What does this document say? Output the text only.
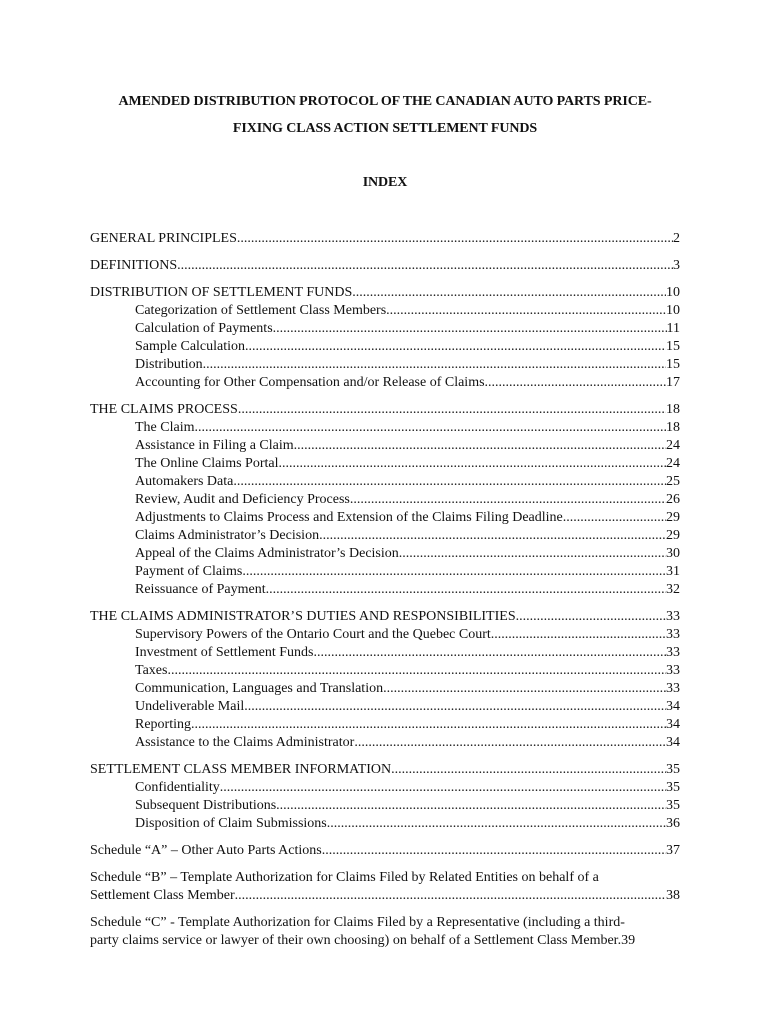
AMENDED DISTRIBUTION PROTOCOL OF THE CANADIAN AUTO PARTS PRICE-
FIXING CLASS ACTION SETTLEMENT FUNDS
INDEX
GENERAL PRINCIPLES .....	2
DEFINITIONS .....	3
DISTRIBUTION OF SETTLEMENT FUNDS .....	10
Categorization of Settlement Class Members .....	10
Calculation of Payments .....	11
Sample Calculation .....	15
Distribution .....	15
Accounting for Other Compensation and/or Release of Claims .....	17
THE CLAIMS PROCESS .....	18
The Claim .....	18
Assistance in Filing a Claim .....	24
The Online Claims Portal .....	24
Automakers Data .....	25
Review, Audit and Deficiency Process .....	26
Adjustments to Claims Process and Extension of the Claims Filing Deadline .....	29
Claims Administrator’s Decision .....	29
Appeal of the Claims Administrator’s Decision .....	30
Payment of Claims .....	31
Reissuance of Payment .....	32
THE CLAIMS ADMINISTRATOR’S DUTIES AND RESPONSIBILITIES .....	33
Supervisory Powers of the Ontario Court and the Quebec Court .....	33
Investment of Settlement Funds .....	33
Taxes .....	33
Communication, Languages and Translation .....	33
Undeliverable Mail .....	34
Reporting .....	34
Assistance to the Claims Administrator .....	34
SETTLEMENT CLASS MEMBER INFORMATION .....	35
Confidentiality .....	35
Subsequent Distributions .....	35
Disposition of Claim Submissions .....	36
Schedule “A” – Other Auto Parts Actions .....	37
Schedule “B” – Template Authorization for Claims Filed by Related Entities on behalf of a
Settlement Class Member .....	38
Schedule “C” - Template Authorization for Claims Filed by a Representative (including a third-
party claims service or lawyer of their own choosing) on behalf of a Settlement Class Member. 39
